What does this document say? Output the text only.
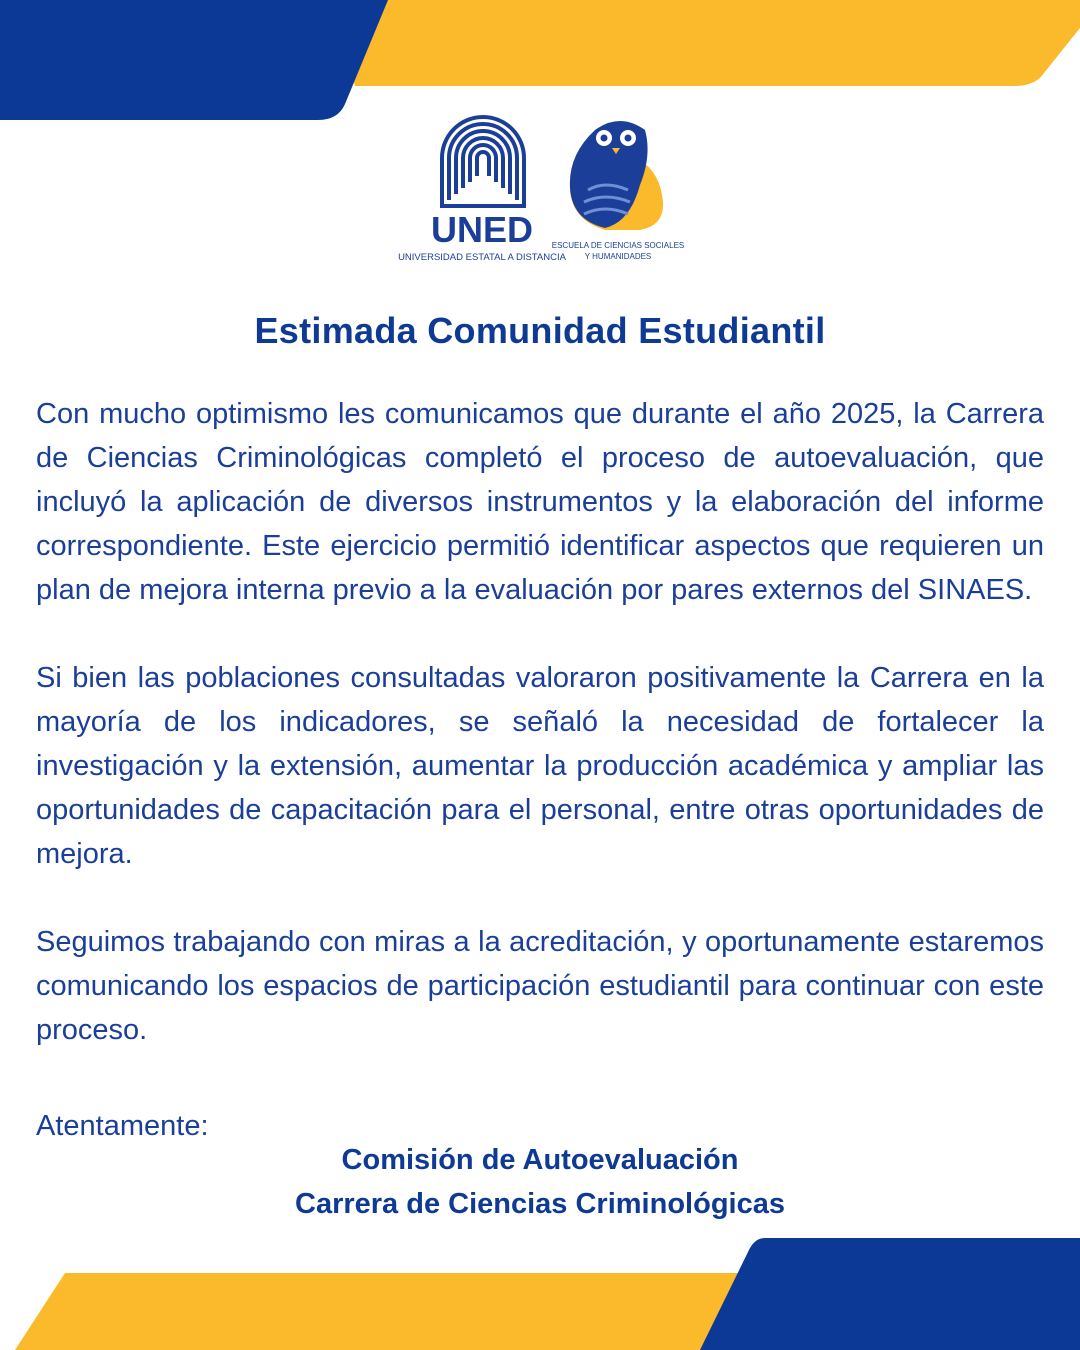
UNED
UNIVERSIDAD ESTATAL A DISTANCIA
ESCUELA DE CIENCIAS SOCIALES
Y HUMANIDADES
Estimada Comunidad Estudiantil

Con mucho optimismo les comunicamos que durante el año 2025, la Carrera de Ciencias Criminológicas completó el proceso de autoevaluación, que incluyó la aplicación de diversos instrumentos y la elaboración del informe correspondiente. Este ejercicio permitió identificar aspectos que requieren un plan de mejora interna previo a la evaluación por pares externos del SINAES.

Si bien las poblaciones consultadas valoraron positivamente la Carrera en la mayoría de los indicadores, se señaló la necesidad de fortalecer la investigación y la extensión, aumentar la producción académica y ampliar las oportunidades de capacitación para el personal, entre otras oportunidades de mejora.

Seguimos trabajando con miras a la acreditación, y oportunamente estaremos comunicando los espacios de participación estudiantil para continuar con este proceso.

Atentamente:
Comisión de Autoevaluación
Carrera de Ciencias Criminológicas
